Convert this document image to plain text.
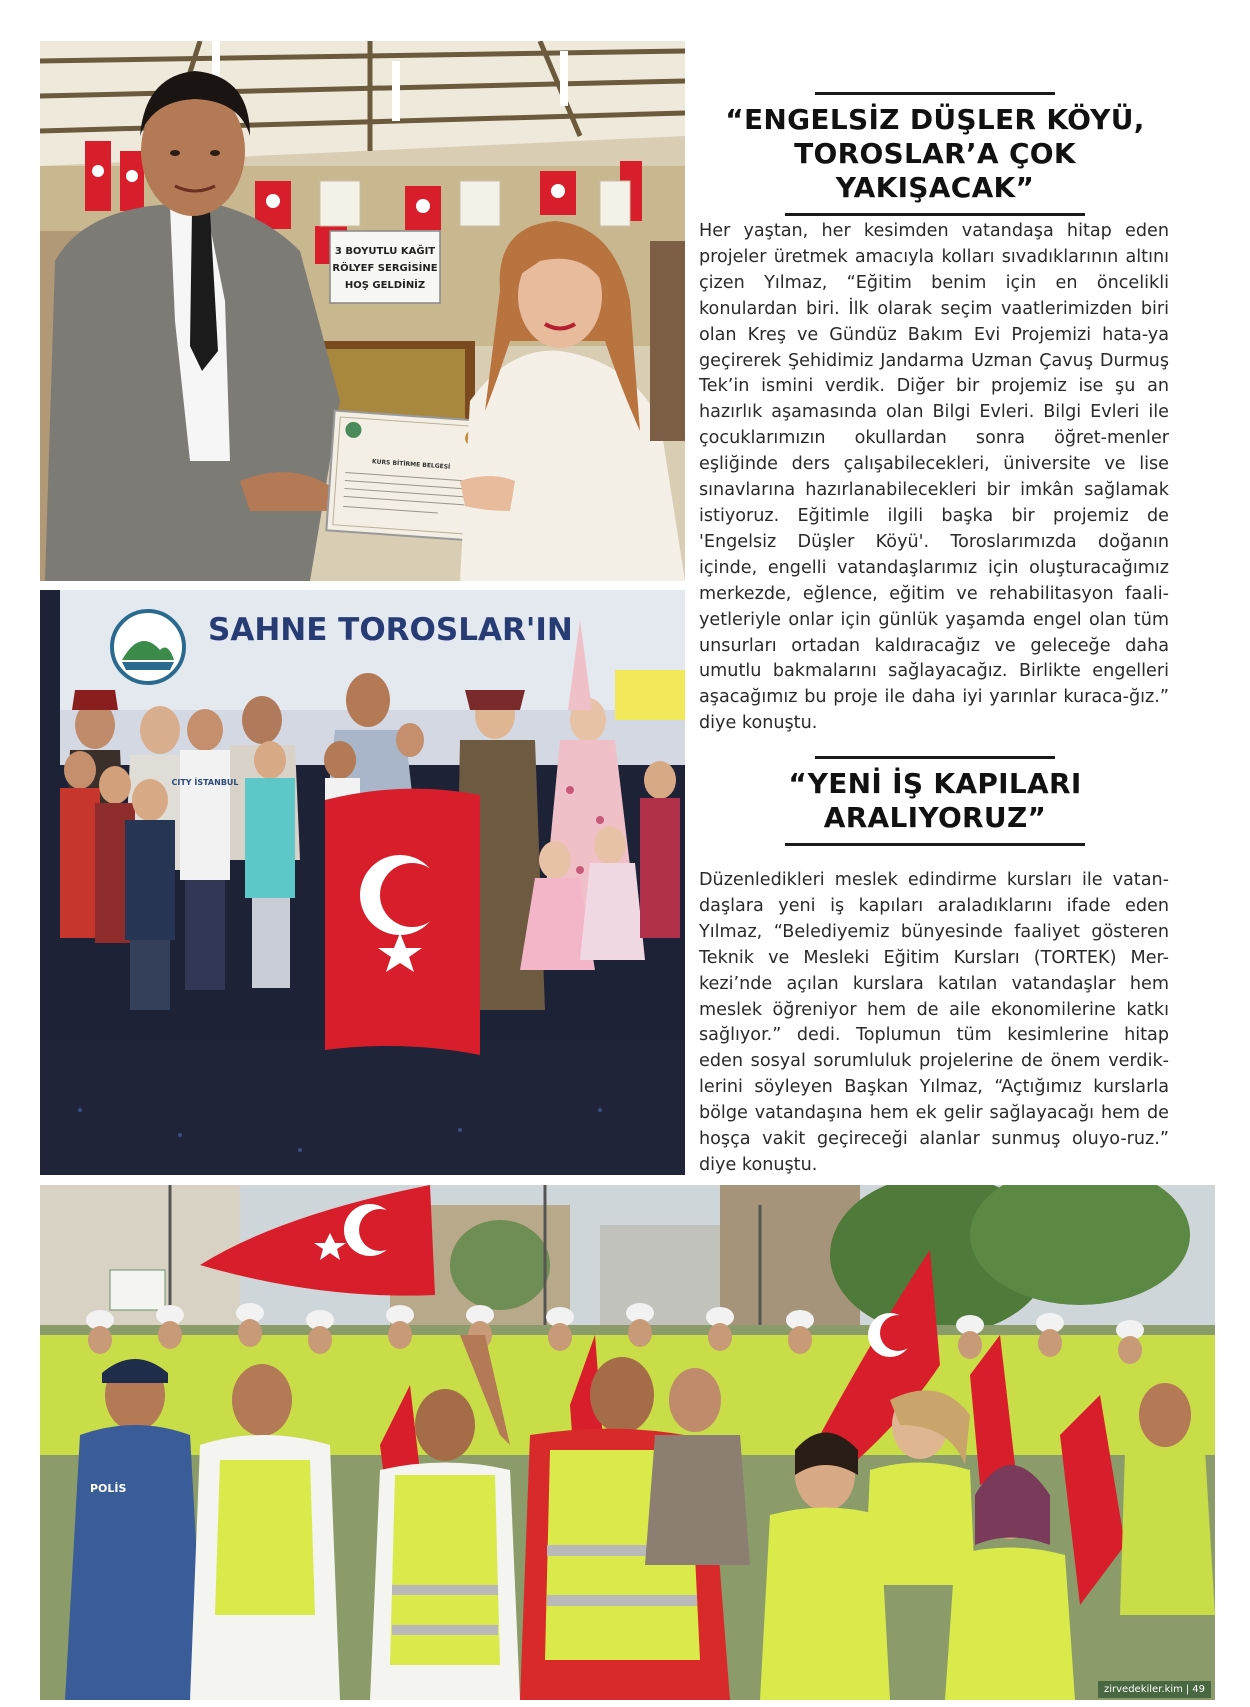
3 BOYUTLU KAĞIT
RÖLYEF SERGİSİNE
HOŞ GELDİNİZ
KURS BİTİRME BELGESİ
SAHNE TOROSLAR'IN
CITY İSTANBUL
POLİS
“ENGELSİZ DÜŞLER KÖYÜ,
TOROSLAR’A ÇOK YAKIŞACAK”

Her yaştan, her kesimden vatandaşa hitap eden projeler üretmek amacıyla kolları sıvadıklarının altını çizen Yılmaz, “Eğitim benim için en öncelikli konulardan biri. İlk olarak seçim vaatlerimizden biri olan Kreş ve Gündüz Bakım Evi Projemizi hata-ya geçirerek Şehidimiz Jandarma Uzman Çavuş Durmuş Tek’in ismini verdik. Diğer bir projemiz ise şu an hazırlık aşamasında olan Bilgi Evleri. Bilgi Evleri ile çocuklarımızın okullardan sonra öğret-menler eşliğinde ders çalışabilecekleri, üniversite ve lise sınavlarına hazırlanabilecekleri bir imkân sağlamak istiyoruz. Eğitimle ilgili başka bir projemiz de 'Engelsiz Düşler Köyü'. Toroslarımızda doğanın içinde, engelli vatandaşlarımız için oluşturacağımız merkezde, eğlence, eğitim ve rehabilitasyon faali-yetleriyle onlar için günlük yaşamda engel olan tüm unsurları ortadan kaldıracağız ve geleceğe daha umutlu bakmalarını sağlayacağız. Birlikte engelleri aşacağımız bu proje ile daha iyi yarınlar kuraca-ğız.” diye konuştu.

“YENİ İŞ KAPILARI
ARALIYORUZ”

Düzenledikleri meslek edindirme kursları ile vatan-daşlara yeni iş kapıları araladıklarını ifade eden Yılmaz, “Belediyemiz bünyesinde faaliyet gösteren Teknik ve Mesleki Eğitim Kursları (TORTEK) Mer-kezi’nde açılan kurslara katılan vatandaşlar hem meslek öğreniyor hem de aile ekonomilerine katkı sağlıyor.” dedi. Toplumun tüm kesimlerine hitap eden sosyal sorumluluk projelerine de önem verdik-lerini söyleyen Başkan Yılmaz, “Açtığımız kurslarla bölge vatandaşına hem ek gelir sağlayacağı hem de hoşça vakit geçireceği alanlar sunmuş oluyo-ruz.” diye konuştu.

zirvedekiler.kim | 49
